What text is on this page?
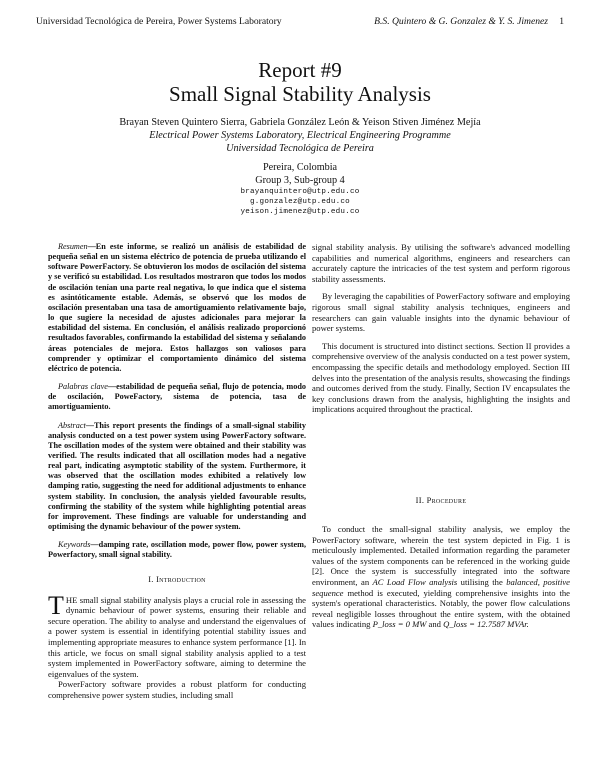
Universidad Tecnológica de Pereira, Power Systems Laboratory	B.S. Quintero & G. Gonzalez & Y. S. Jimenez 1
Report #9
Small Signal Stability Analysis
Brayan Steven Quintero Sierra, Gabriela González León & Yeison Stiven Jiménez Mejía
Electrical Power Systems Laboratory, Electrical Engineering Programme
Universidad Tecnológica de Pereira
Pereira, Colombia
Group 3, Sub-group 4
brayanquintero@utp.edu.co
g.gonzalez@utp.edu.co
yeison.jimenez@utp.edu.co

Resumen—En este informe, se realizó un análisis de estabilidad de pequeña señal en un sistema eléctrico de potencia de prueba utilizando el software PowerFactory. Se obtuvieron los modos de oscilación del sistema y se verificó su estabilidad. Los resultados mostraron que todos los modos de oscilación tenían una parte real negativa, lo que indica que el sistema es asintóticamente estable. Además, se observó que los modos de oscilación presentaban una tasa de amortiguamiento relativamente bajo, lo que sugiere la necesidad de ajustes adicionales para mejorar la estabilidad del sistema. En conclusión, el análisis realizado proporcionó resultados favorables, confirmando la estabilidad del sistema y señalando áreas potenciales de mejora. Estos hallazgos son valiosos para comprender y optimizar el comportamiento dinámico del sistema eléctrico de potencia.

Palabras clave—estabilidad de pequeña señal, flujo de potencia, modo de oscilación, PoweFactory, sistema de potencia, tasa de amortiguamiento.

Abstract—This report presents the findings of a small-signal stability analysis conducted on a test power system using PowerFactory software. The oscillation modes of the system were obtained and their stability was verified. The results indicated that all oscillation modes had a negative real part, indicating asymptotic stability of the system. Furthermore, it was observed that the oscillation modes exhibited a relatively low damping ratio, suggesting the need for additional adjustments to enhance system stability. In conclusion, the analysis yielded favourable results, confirming the stability of the system while highlighting potential areas for improvement. These findings are valuable for understanding and optimising the dynamic behaviour of the power system.

Keywords—damping rate, oscillation mode, power flow, power system, Powerfactory, small signal stability.

I. Introduction

THE small signal stability analysis plays a crucial role in assessing the dynamic behaviour of power systems, ensuring their reliable and secure operation. The ability to analyse and understand the eigenvalues of a power system is essential in identifying potential stability issues and implementing appropriate measures to enhance system performance [1]. In this article, we focus on small signal stability analysis applied to a test system implemented in PowerFactory software, aiming to determine the eigenvalues of the system.

PowerFactory software provides a robust platform for conducting comprehensive power system studies, including small

signal stability analysis. By utilising the software's advanced modelling capabilities and numerical algorithms, engineers and researchers can accurately capture the intricacies of the test system and perform rigorous stability assessments.

By leveraging the capabilities of PowerFactory software and employing rigorous small signal stability analysis techniques, engineers and researchers can gain valuable insights into the dynamic behaviour of power systems.

This document is structured into distinct sections. Section II provides a comprehensive overview of the analysis conducted on a test power system, encompassing the specific details and methodology employed. Section III delves into the presentation of the analysis results, showcasing the findings and outcomes derived from the study. Finally, Section IV encapsulates the key conclusions drawn from the analysis, highlighting the insights and implications acquired throughout the practical.

II. Procedure

To conduct the small-signal stability analysis, we employ the PowerFactory software, wherein the test system depicted in Fig. 1 is meticulously implemented. Detailed information regarding the parameter values of the system components can be referenced in the working guide [2]. Once the system is successfully integrated into the software environment, an AC Load Flow analysis utilising the balanced, positive sequence method is executed, yielding comprehensive insights into the system's operational characteristics. Notably, the power flow calculations reveal negligible losses throughout the entire system, with the obtained values indicating P_loss = 0 MW and Q_loss = 12.7587 MVAr.
